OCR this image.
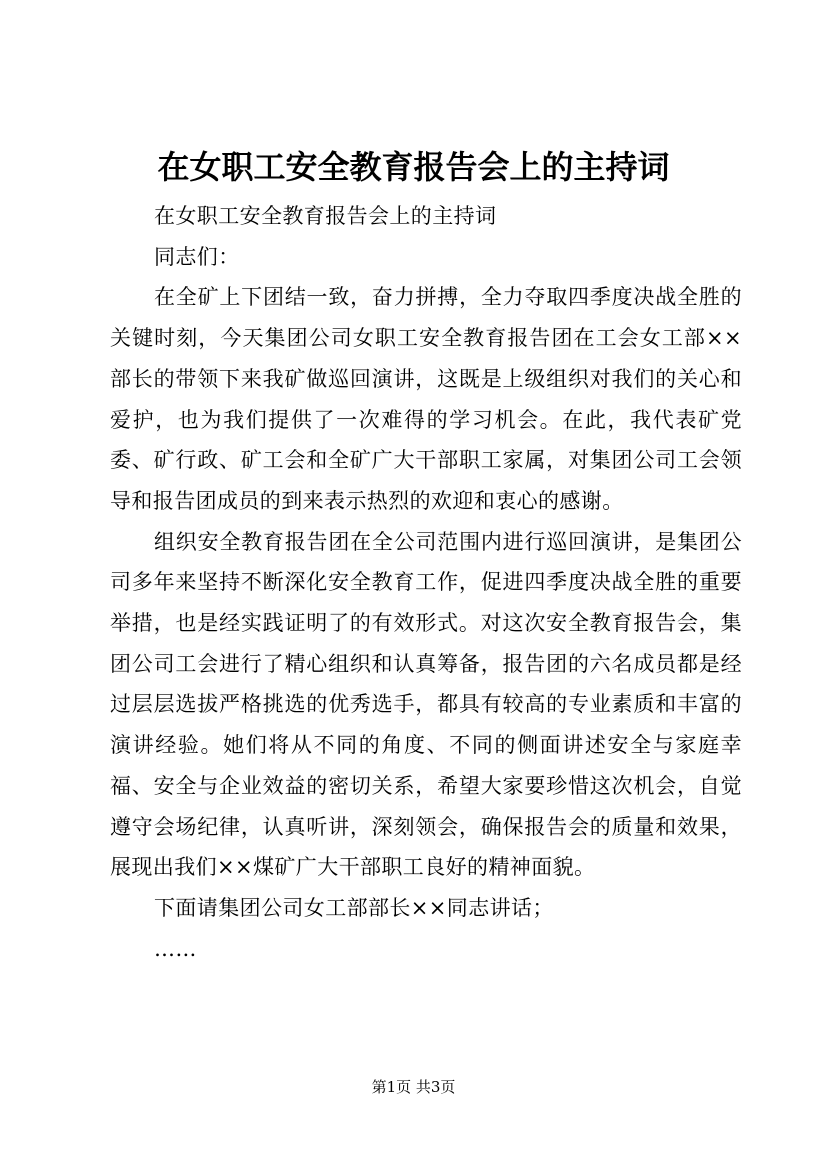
在女职工安全教育报告会上的主持词

在女职工安全教育报告会上的主持词

同志们：

在全矿上下团结一致，奋力拼搏，全力夺取四季度决战全胜的关键时刻，今天集团公司女职工安全教育报告团在工会女工部××部长的带领下来我矿做巡回演讲，这既是上级组织对我们的关心和爱护，也为我们提供了一次难得的学习机会。在此，我代表矿党委、矿行政、矿工会和全矿广大干部职工家属，对集团公司工会领导和报告团成员的到来表示热烈的欢迎和衷心的感谢。

组织安全教育报告团在全公司范围内进行巡回演讲，是集团公司多年来坚持不断深化安全教育工作，促进四季度决战全胜的重要举措，也是经实践证明了的有效形式。对这次安全教育报告会，集团公司工会进行了精心组织和认真筹备，报告团的六名成员都是经过层层选拔严格挑选的优秀选手，都具有较高的专业素质和丰富的演讲经验。她们将从不同的角度、不同的侧面讲述安全与家庭幸福、安全与企业效益的密切关系，希望大家要珍惜这次机会，自觉遵守会场纪律，认真听讲，深刻领会，确保报告会的质量和效果，展现出我们××煤矿广大干部职工良好的精神面貌。

下面请集团公司女工部部长××同志讲话；

……

第1页 共3页
